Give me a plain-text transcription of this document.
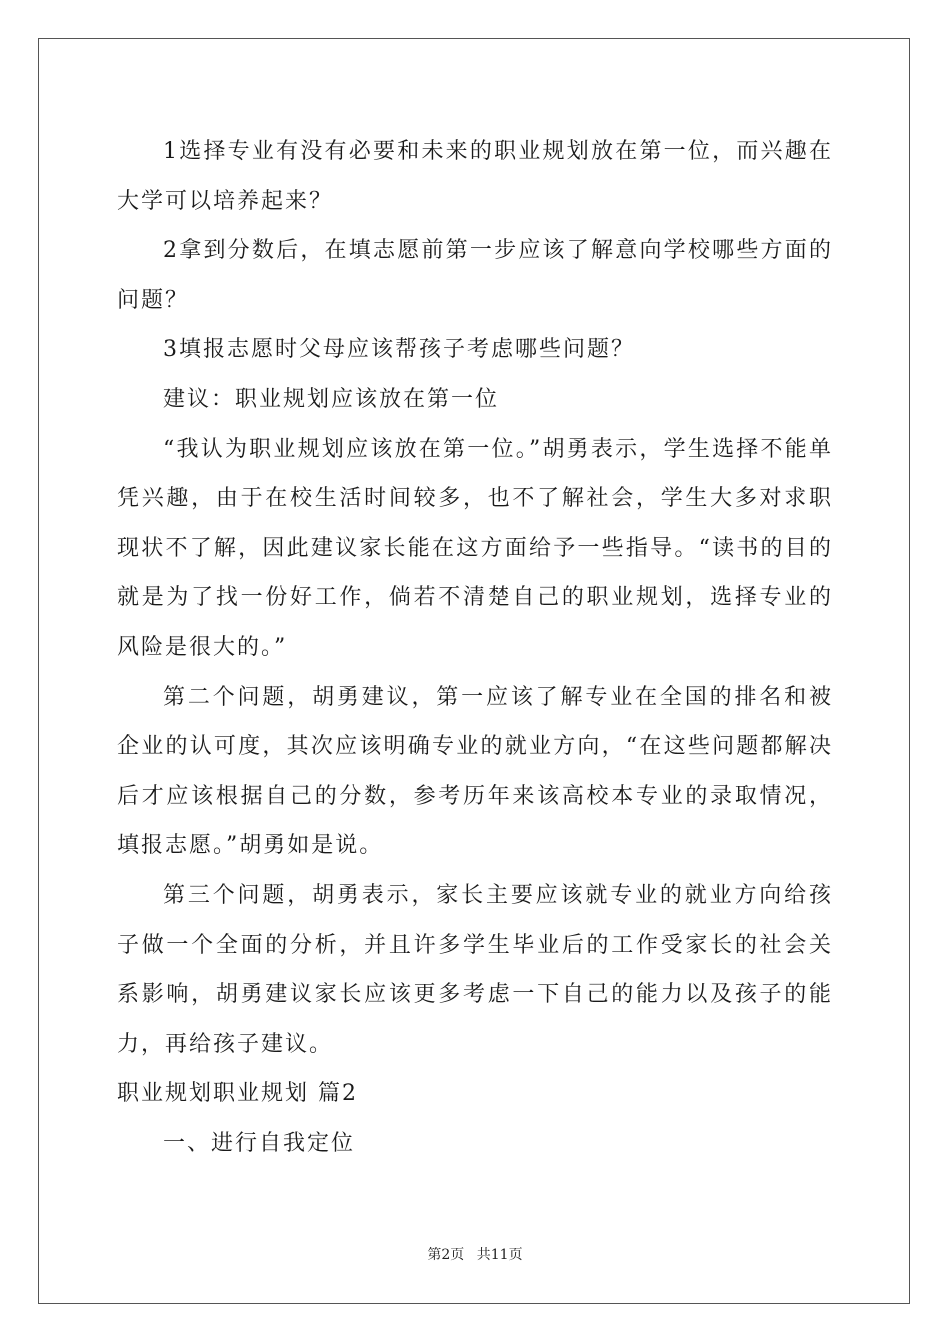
1选择专业有没有必要和未来的职业规划放在第一位，而兴趣在大学可以培养起来？

2拿到分数后，在填志愿前第一步应该了解意向学校哪些方面的问题？

3填报志愿时父母应该帮孩子考虑哪些问题？

建议：职业规划应该放在第一位

“我认为职业规划应该放在第一位。”胡勇表示，学生选择不能单凭兴趣，由于在校生活时间较多，也不了解社会，学生大多对求职现状不了解，因此建议家长能在这方面给予一些指导。“读书的目的就是为了找一份好工作，倘若不清楚自己的职业规划，选择专业的风险是很大的。”

第二个问题，胡勇建议，第一应该了解专业在全国的排名和被企业的认可度，其次应该明确专业的就业方向，“在这些问题都解决后才应该根据自己的分数，参考历年来该高校本专业的录取情况，填报志愿。”胡勇如是说。

第三个问题，胡勇表示，家长主要应该就专业的就业方向给孩子做一个全面的分析，并且许多学生毕业后的工作受家长的社会关系影响，胡勇建议家长应该更多考虑一下自己的能力以及孩子的能力，再给孩子建议。

职业规划职业规划 篇2

一、进行自我定位

第2页 共11页
